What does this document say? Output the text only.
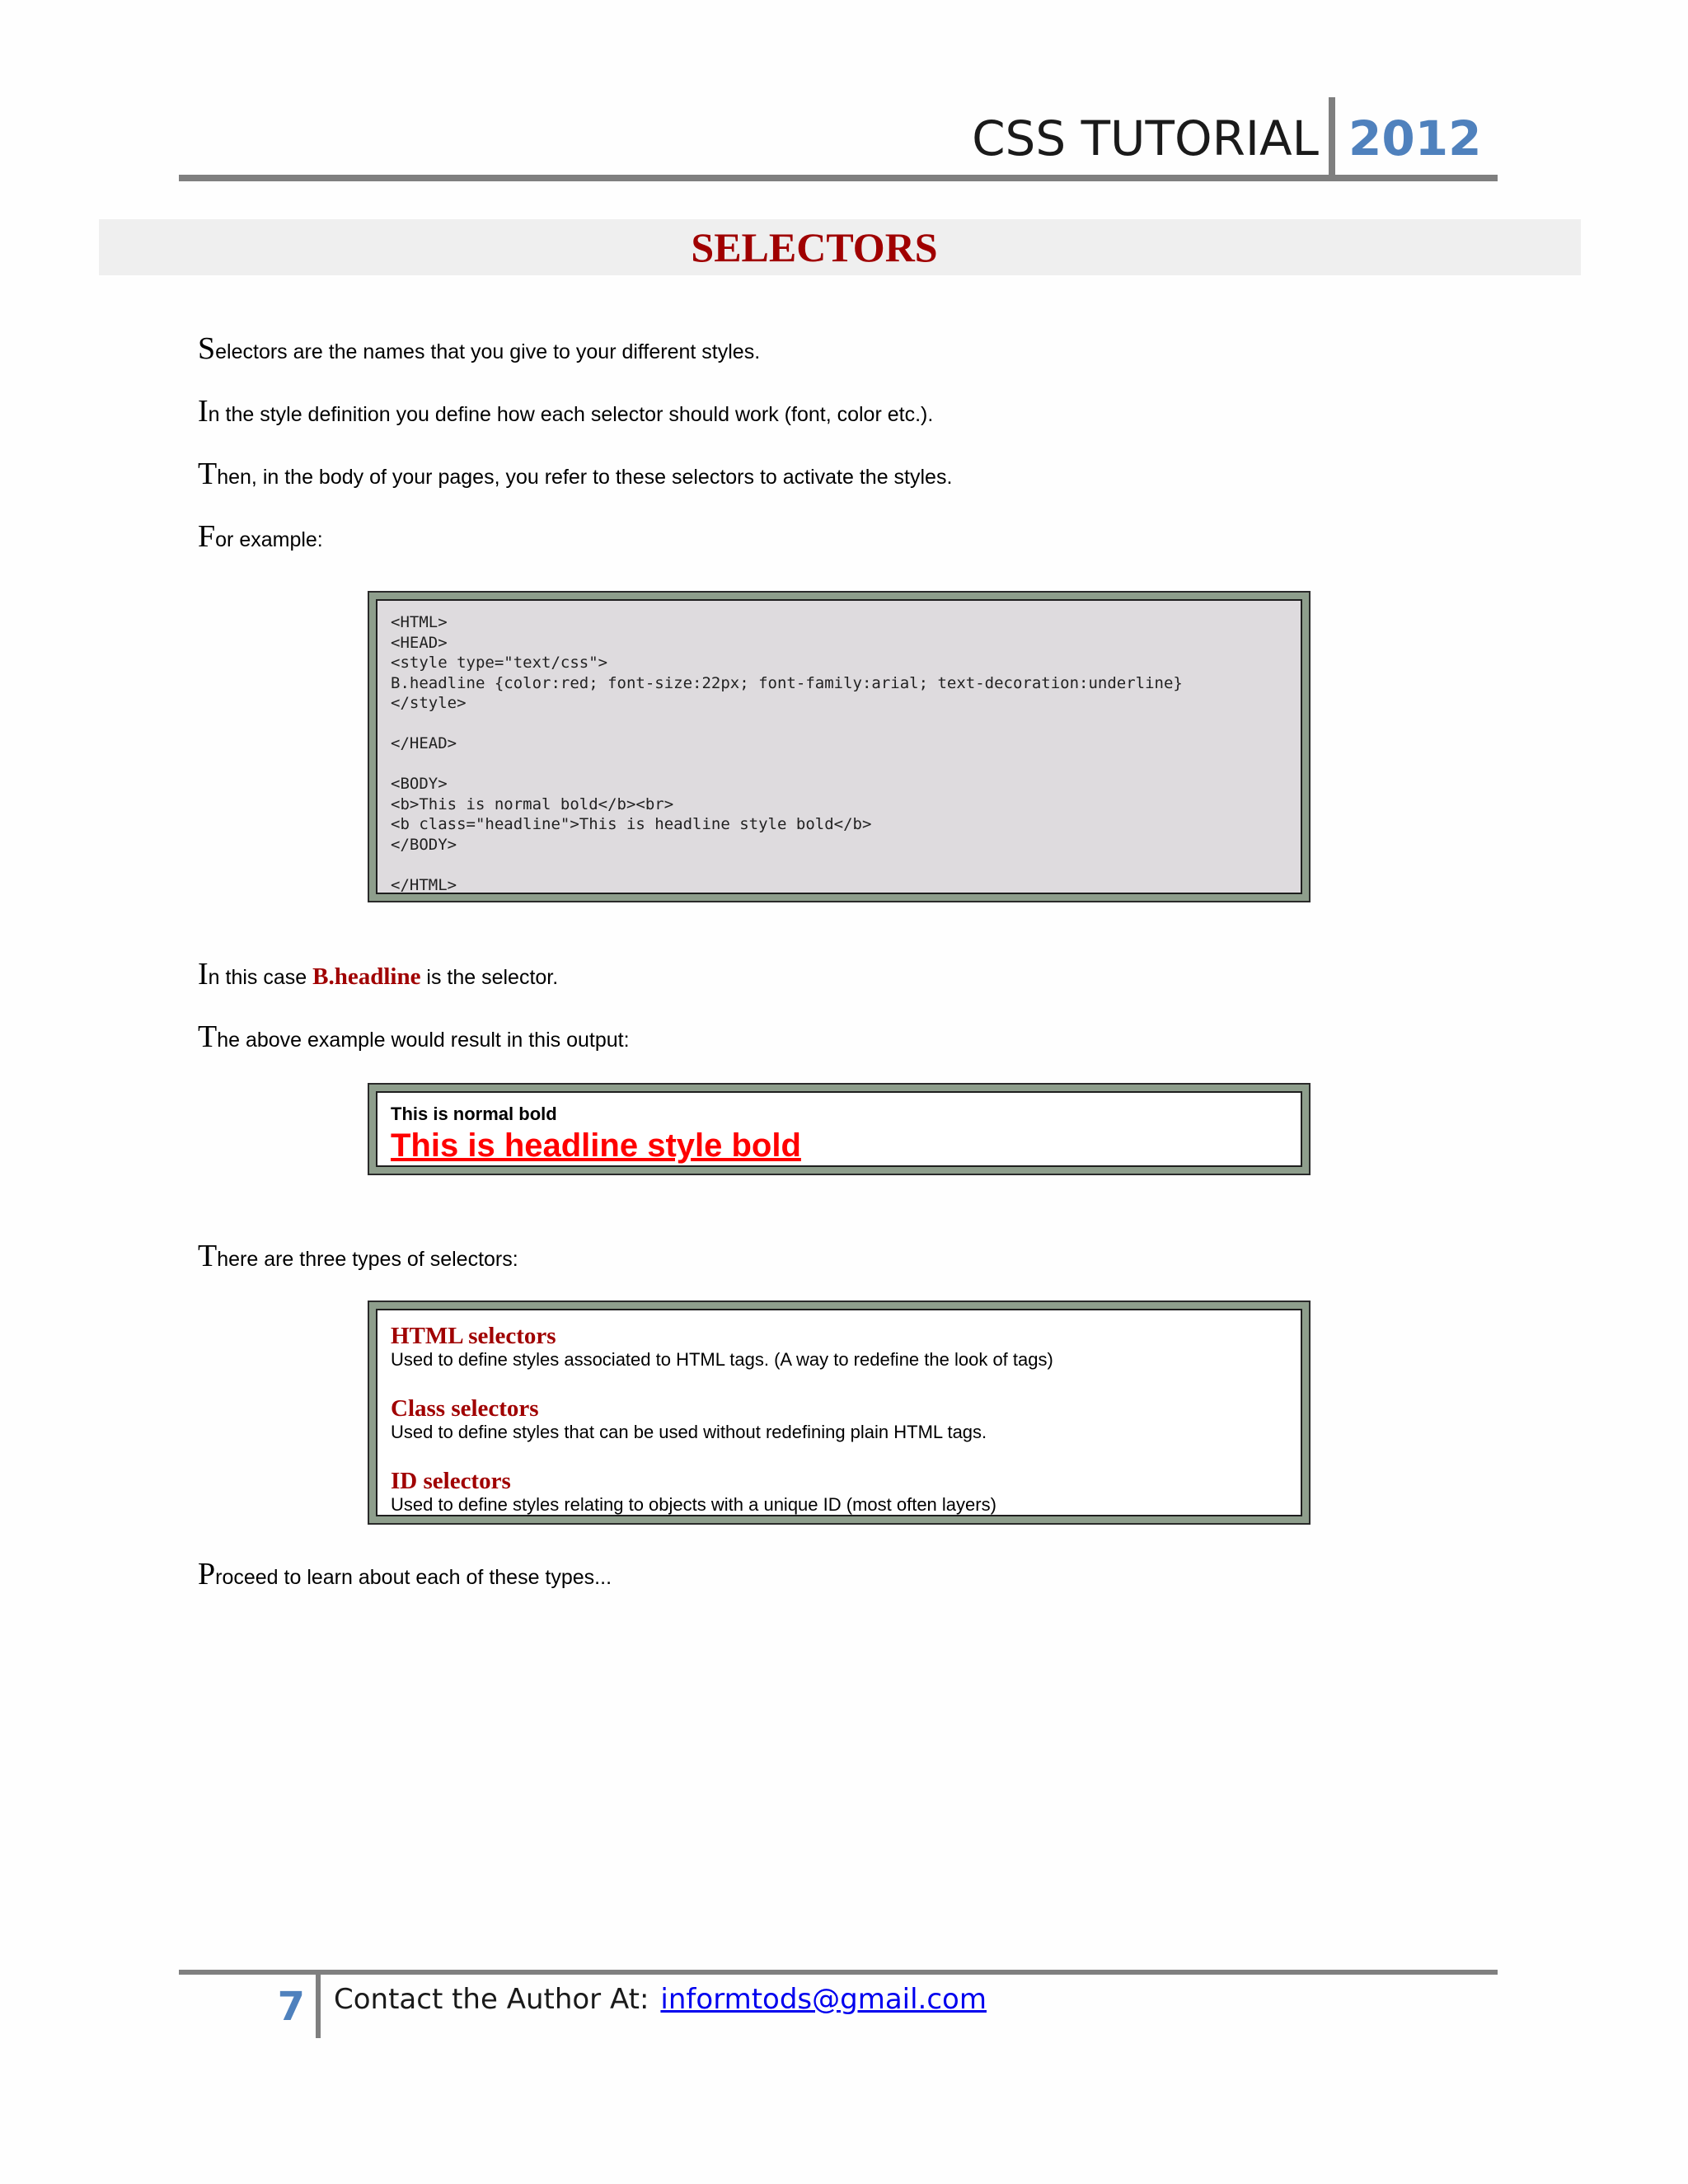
CSS TUTORIAL 2012
SELECTORS
Selectors are the names that you give to your different styles.
In the style definition you define how each selector should work (font, color etc.).
Then, in the body of your pages, you refer to these selectors to activate the styles.
For example:
<HTML>
<HEAD>
<style type="text/css">
B.headline {color:red; font-size:22px; font-family:arial; text-decoration:underline}
</style>

</HEAD>

<BODY>
<b>This is normal bold</b><br>
<b class="headline">This is headline style bold</b>
</BODY>

</HTML>
In this case B.headline is the selector.
The above example would result in this output:
This is normal bold
This is headline style bold
There are three types of selectors:
HTML selectors
Used to define styles associated to HTML tags. (A way to redefine the look of tags)
Class selectors
Used to define styles that can be used without redefining plain HTML tags.
ID selectors
Used to define styles relating to objects with a unique ID (most often layers)
Proceed to learn about each of these types...
7 Contact the Author At: informtods@gmail.com
